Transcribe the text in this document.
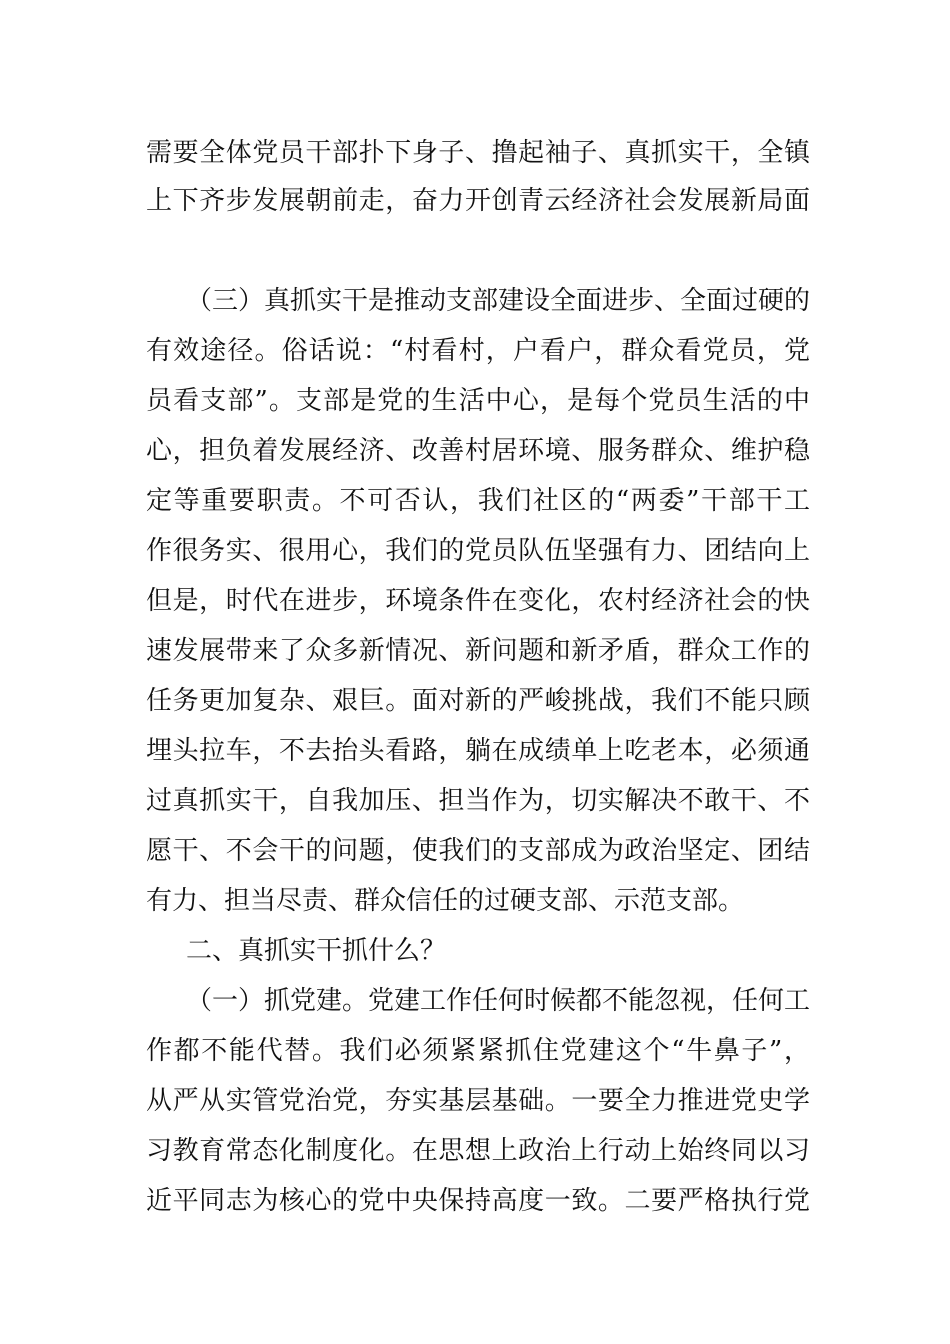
需要全体党员干部扑下身子、撸起袖子、真抓实干，全镇
上下齐步发展朝前走，奋力开创青云经济社会发展新局面
（三）真抓实干是推动支部建设全面进步、全面过硬的
有效途径。俗话说：“村看村，户看户，群众看党员，党
员看支部”。支部是党的生活中心，是每个党员生活的中
心，担负着发展经济、改善村居环境、服务群众、维护稳
定等重要职责。不可否认，我们社区的“两委”干部干工
作很务实、很用心，我们的党员队伍坚强有力、团结向上
但是，时代在进步，环境条件在变化，农村经济社会的快
速发展带来了众多新情况、新问题和新矛盾，群众工作的
任务更加复杂、艰巨。面对新的严峻挑战，我们不能只顾
埋头拉车，不去抬头看路，躺在成绩单上吃老本，必须通
过真抓实干，自我加压、担当作为，切实解决不敢干、不
愿干、不会干的问题，使我们的支部成为政治坚定、团结
有力、担当尽责、群众信任的过硬支部、示范支部。
二、真抓实干抓什么？
（一）抓党建。党建工作任何时候都不能忽视，任何工
作都不能代替。我们必须紧紧抓住党建这个“牛鼻子”，
从严从实管党治党，夯实基层基础。一要全力推进党史学
习教育常态化制度化。在思想上政治上行动上始终同以习
近平同志为核心的党中央保持高度一致。二要严格执行党
